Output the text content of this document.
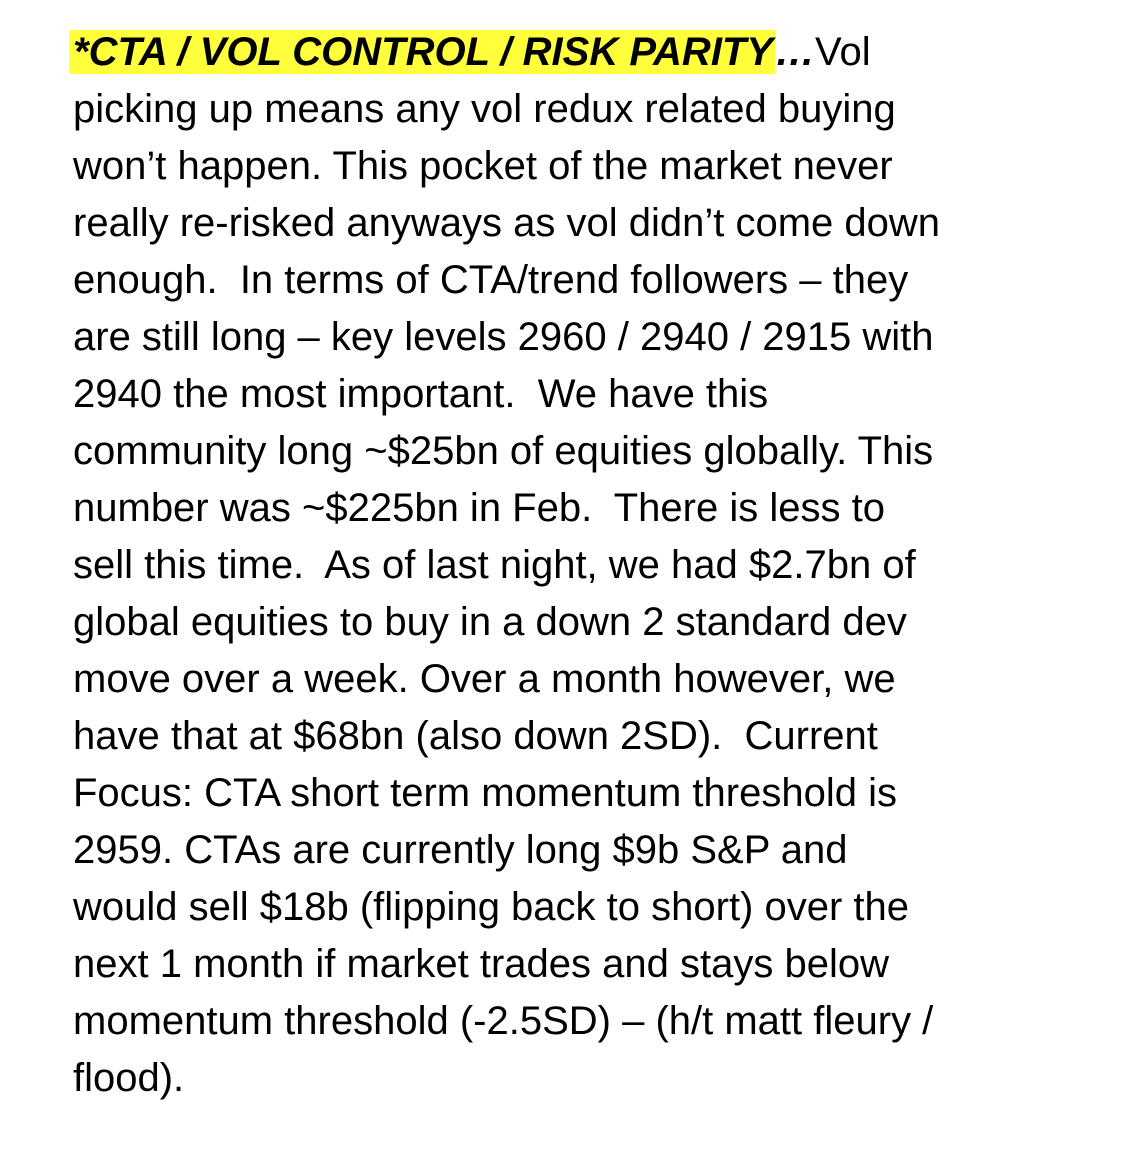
*CTA / VOL CONTROL / RISK PARITY…Vol
picking up means any vol redux related buying
won’t happen. This pocket of the market never
really re-risked anyways as vol didn’t come down
enough.  In terms of CTA/trend followers – they
are still long – key levels 2960 / 2940 / 2915 with
2940 the most important.  We have this
community long ~$25bn of equities globally. This
number was ~$225bn in Feb.  There is less to
sell this time.  As of last night, we had $2.7bn of
global equities to buy in a down 2 standard dev
move over a week. Over a month however, we
have that at $68bn (also down 2SD).  Current
Focus: CTA short term momentum threshold is
2959. CTAs are currently long $9b S&P and
would sell $18b (flipping back to short) over the
next 1 month if market trades and stays below
momentum threshold (-2.5SD) – (h/t matt fleury /
flood).
